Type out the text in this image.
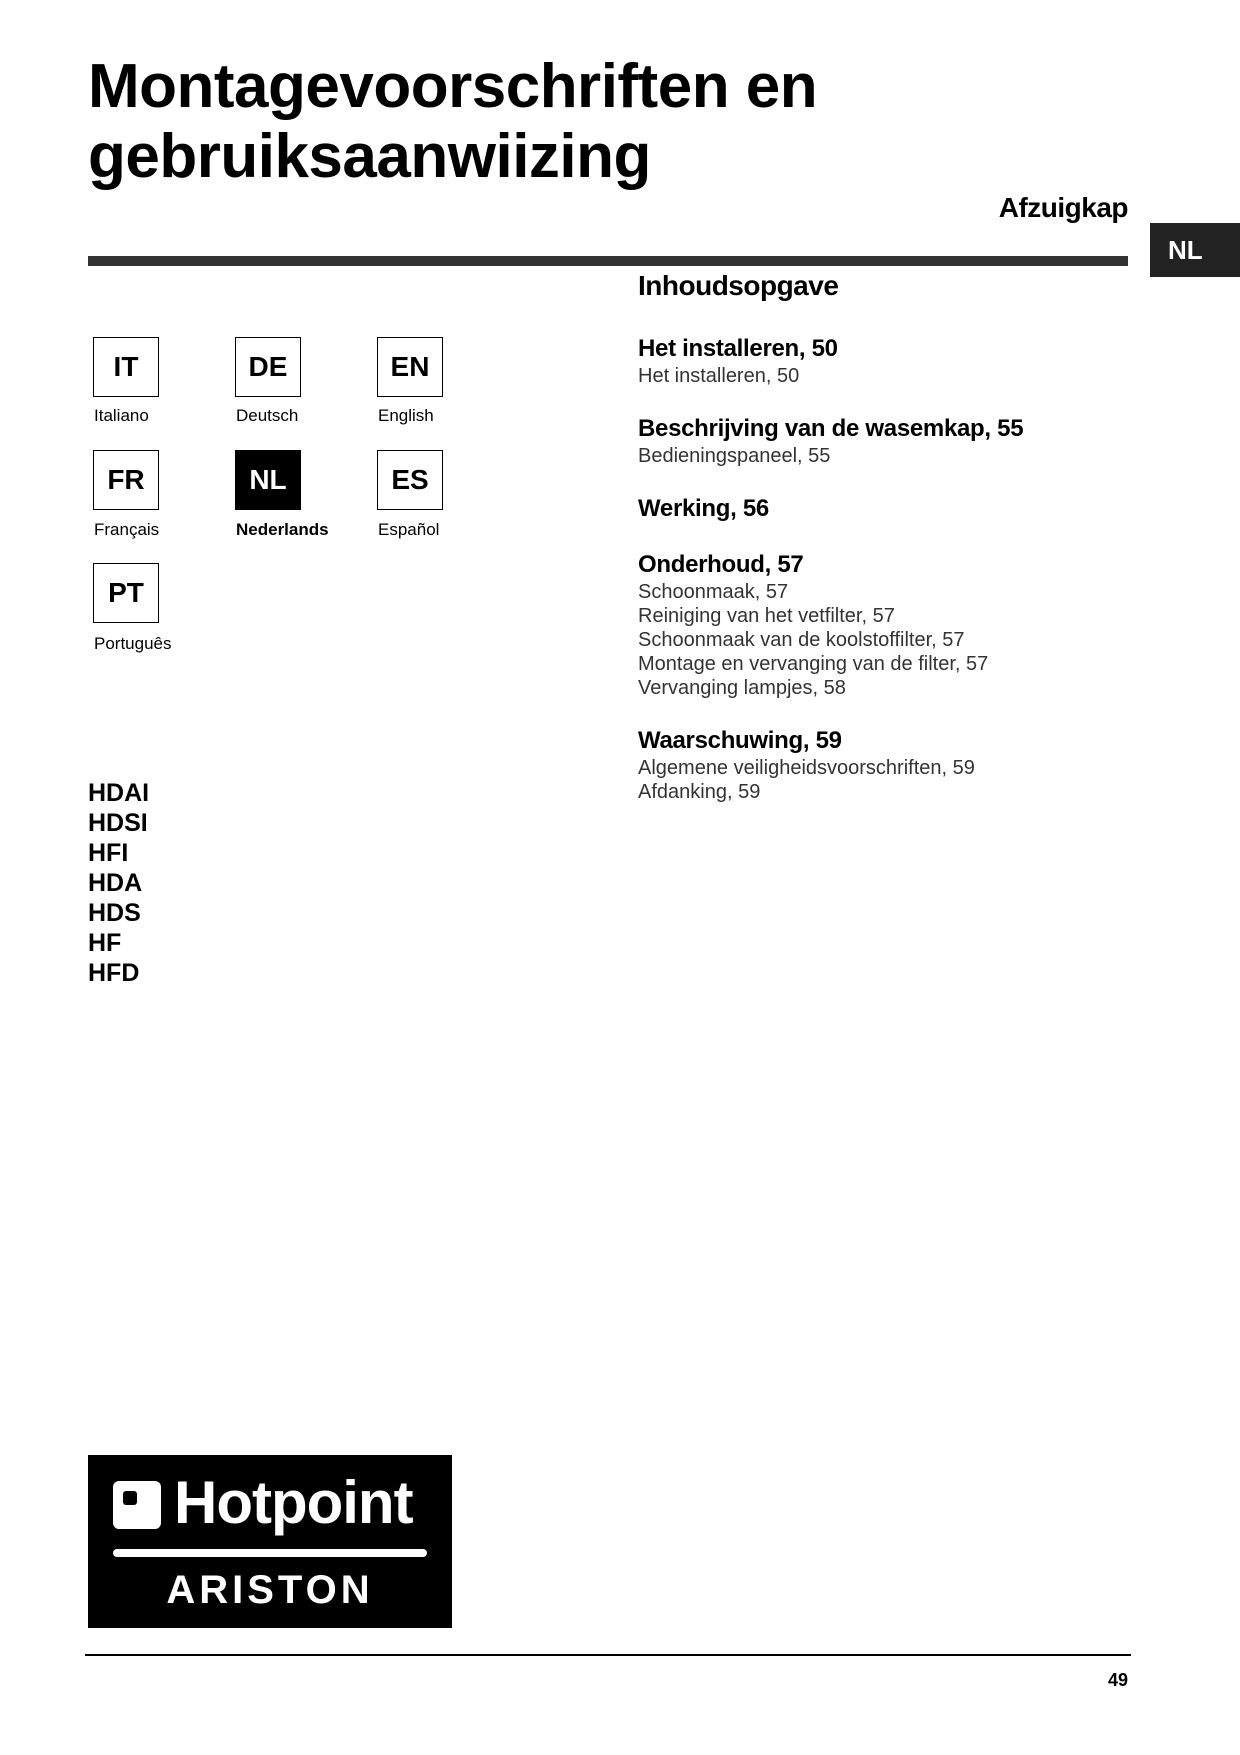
Montagevoorschriften en
gebruiksaanwiizing
Afzuigkap
NL
IT
Italiano
DE
Deutsch
EN
English
FR
Français
NL
Nederlands
ES
Español
PT
Português
HDAI
HDSI
HFI
HDA
HDS
HF
HFD
Inhoudsopgave
Het installeren, 50
Het installeren, 50
Beschrijving van de wasemkap, 55
Bedieningspaneel, 55
Werking, 56
Onderhoud, 57
Schoonmaak, 57
Reiniging van het vetfilter, 57
Schoonmaak van de koolstoffilter, 57
Montage en vervanging van de filter, 57
Vervanging lampjes, 58
Waarschuwing, 59
Algemene veiligheidsvoorschriften, 59
Afdanking, 59
Hotpoint
ARISTON
49
